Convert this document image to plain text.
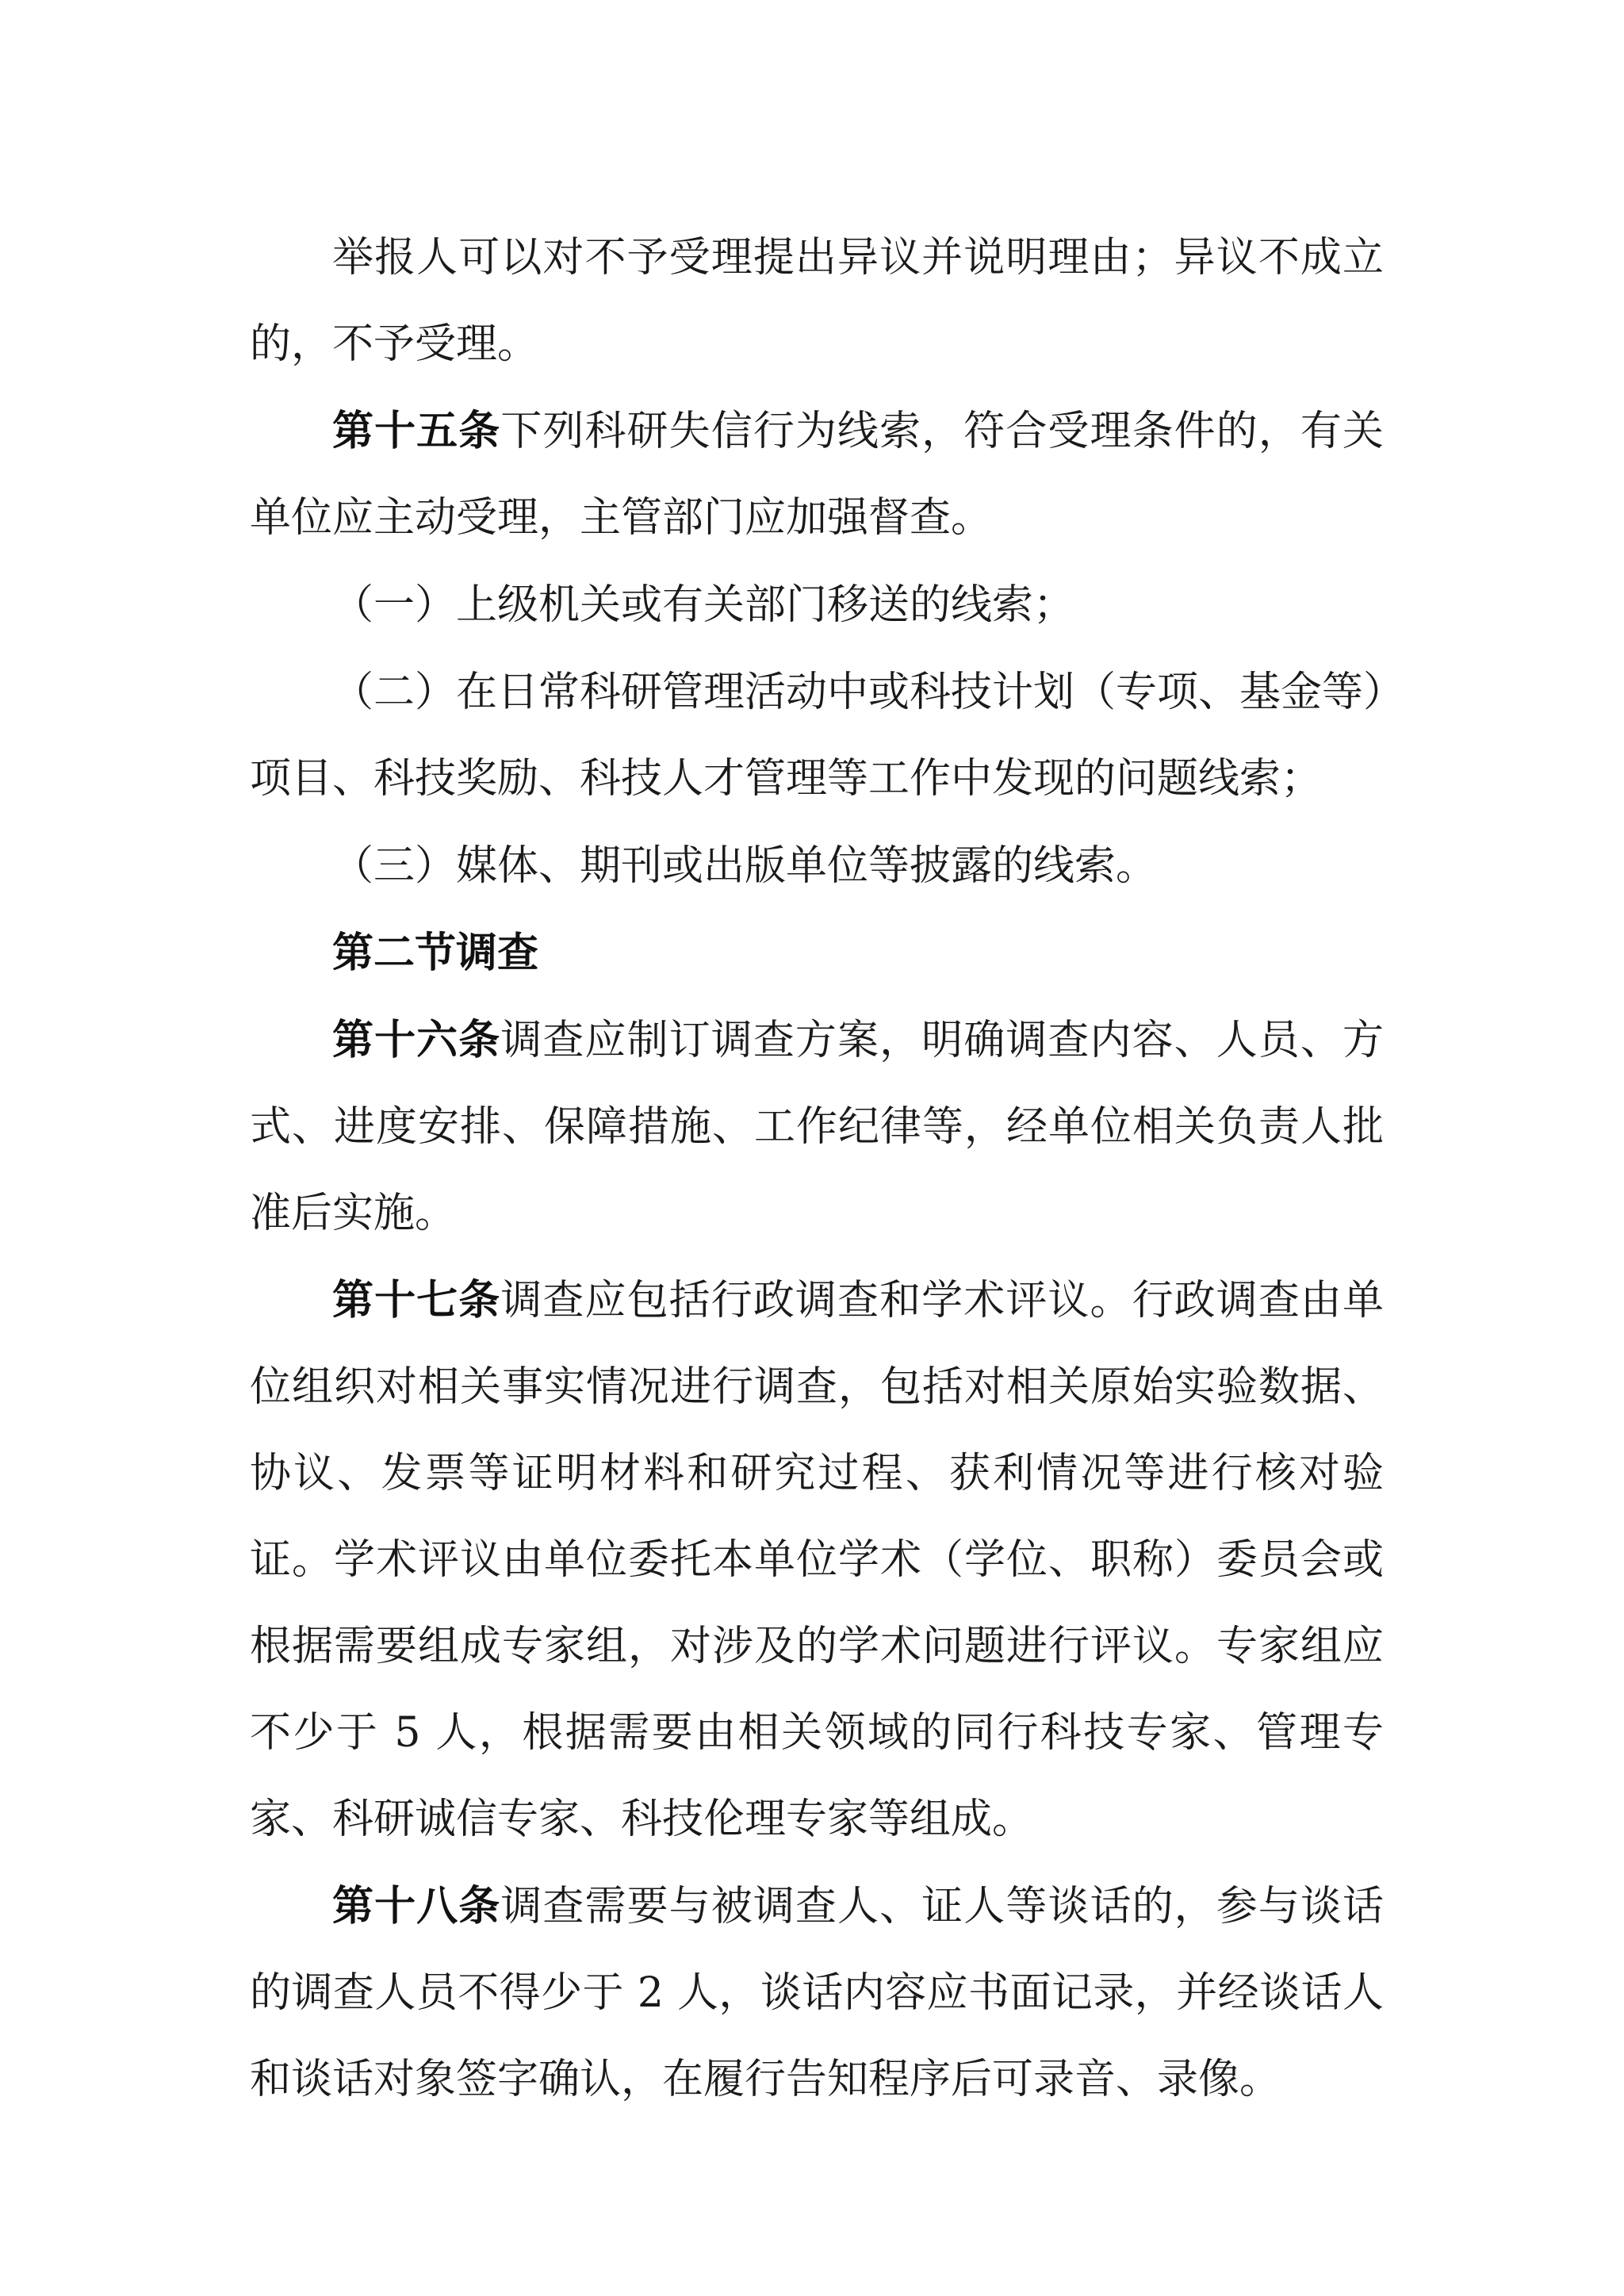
举报人可以对不予受理提出异议并说明理由；异议不成立的，不予受理。

第十五条下列科研失信行为线索，符合受理条件的，有关单位应主动受理，主管部门应加强督查。

（一）上级机关或有关部门移送的线索；

（二）在日常科研管理活动中或科技计划（专项、基金等）项目、科技奖励、科技人才管理等工作中发现的问题线索；

（三）媒体、期刊或出版单位等披露的线索。

第二节调查

第十六条调查应制订调查方案，明确调查内容、人员、方式、进度安排、保障措施、工作纪律等，经单位相关负责人批准后实施。

第十七条调查应包括行政调查和学术评议。行政调查由单位组织对相关事实情况进行调查，包括对相关原始实验数据、协议、发票等证明材料和研究过程、获利情况等进行核对验证。学术评议由单位委托本单位学术（学位、职称）委员会或根据需要组成专家组，对涉及的学术问题进行评议。专家组应不少于 5 人，根据需要由相关领域的同行科技专家、管理专家、科研诚信专家、科技伦理专家等组成。

第十八条调查需要与被调查人、证人等谈话的，参与谈话的调查人员不得少于 2 人，谈话内容应书面记录，并经谈话人和谈话对象签字确认，在履行告知程序后可录音、录像。
